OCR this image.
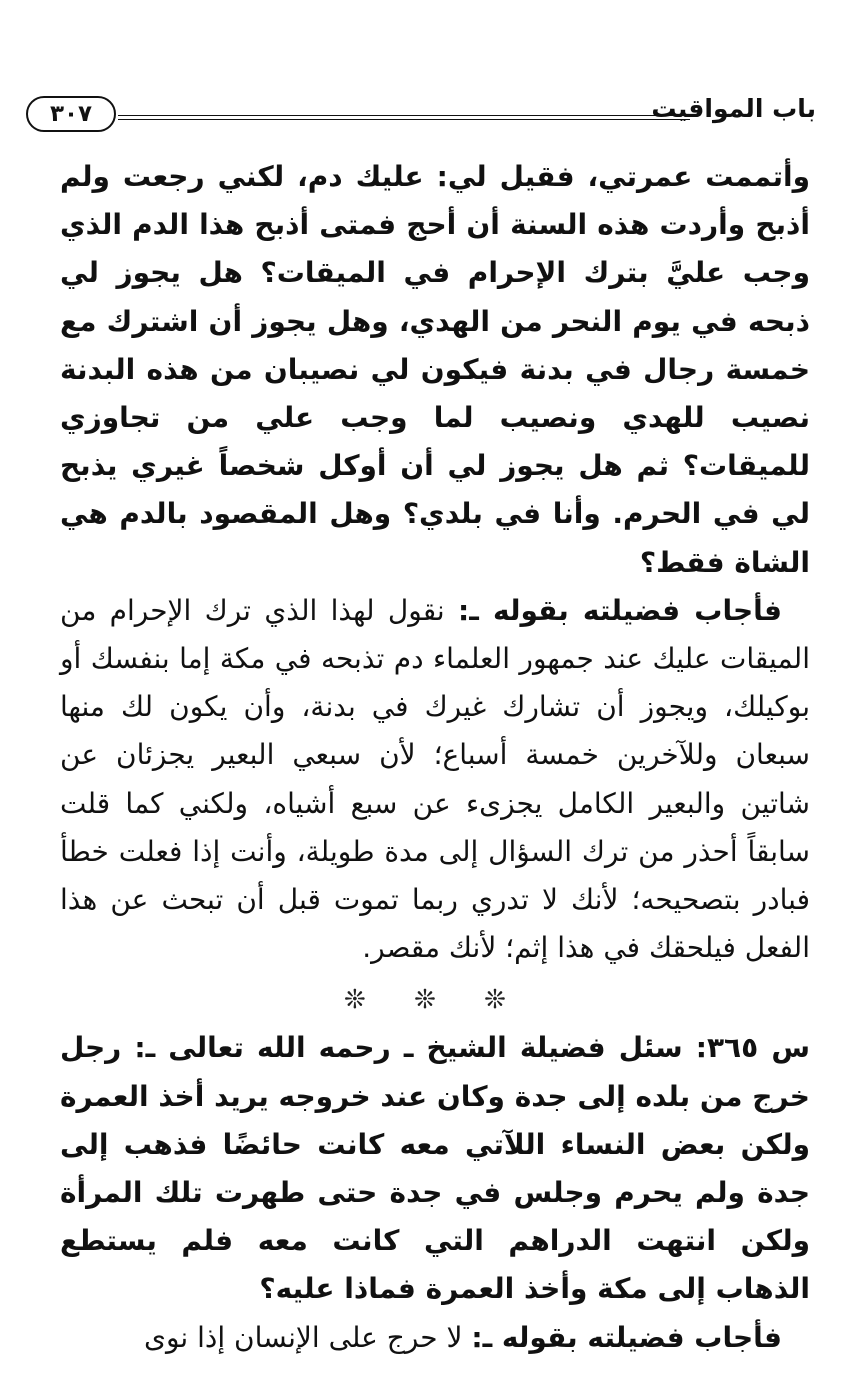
باب المواقيت
٣٠٧

وأتممت عمرتي، فقيل لي: عليك دم، لكني رجعت ولم أذبح وأردت هذه السنة أن أحج فمتى أذبح هذا الدم الذي وجب عليَّ بترك الإحرام في الميقات؟ هل يجوز لي ذبحه في يوم النحر من الهدي، وهل يجوز أن اشترك مع خمسة رجال في بدنة فيكون لي نصيبان من هذه البدنة نصيب للهدي ونصيب لما وجب علي من تجاوزي للميقات؟ ثم هل يجوز لي أن أوكل شخصاً غيري يذبح لي في الحرم. وأنا في بلدي؟ وهل المقصود بالدم هي الشاة فقط؟

فأجاب فضيلته بقوله ـ: نقول لهذا الذي ترك الإحرام من الميقات عليك عند جمهور العلماء دم تذبحه في مكة إما بنفسك أو بوكيلك، ويجوز أن تشارك غيرك في بدنة، وأن يكون لك منها سبعان وللآخرين خمسة أسباع؛ لأن سبعي البعير يجزئان عن شاتين والبعير الكامل يجزىء عن سبع أشياه، ولكني كما قلت سابقاً أحذر من ترك السؤال إلى مدة طويلة، وأنت إذا فعلت خطأ فبادر بتصحيحه؛ لأنك لا تدري ربما تموت قبل أن تبحث عن هذا الفعل فيلحقك في هذا إثم؛ لأنك مقصر.

❊ ❊ ❊

س ٣٦٥: سئل فضيلة الشيخ ـ رحمه الله تعالى ـ: رجل خرج من بلده إلى جدة وكان عند خروجه يريد أخذ العمرة ولكن بعض النساء اللآتي معه كانت حائضًا فذهب إلى جدة ولم يحرم وجلس في جدة حتى طهرت تلك المرأة ولكن انتهت الدراهم التي كانت معه فلم يستطع الذهاب إلى مكة وأخذ العمرة فماذا عليه؟

فأجاب فضيلته بقوله ـ: لا حرج على الإنسان إذا نوى
